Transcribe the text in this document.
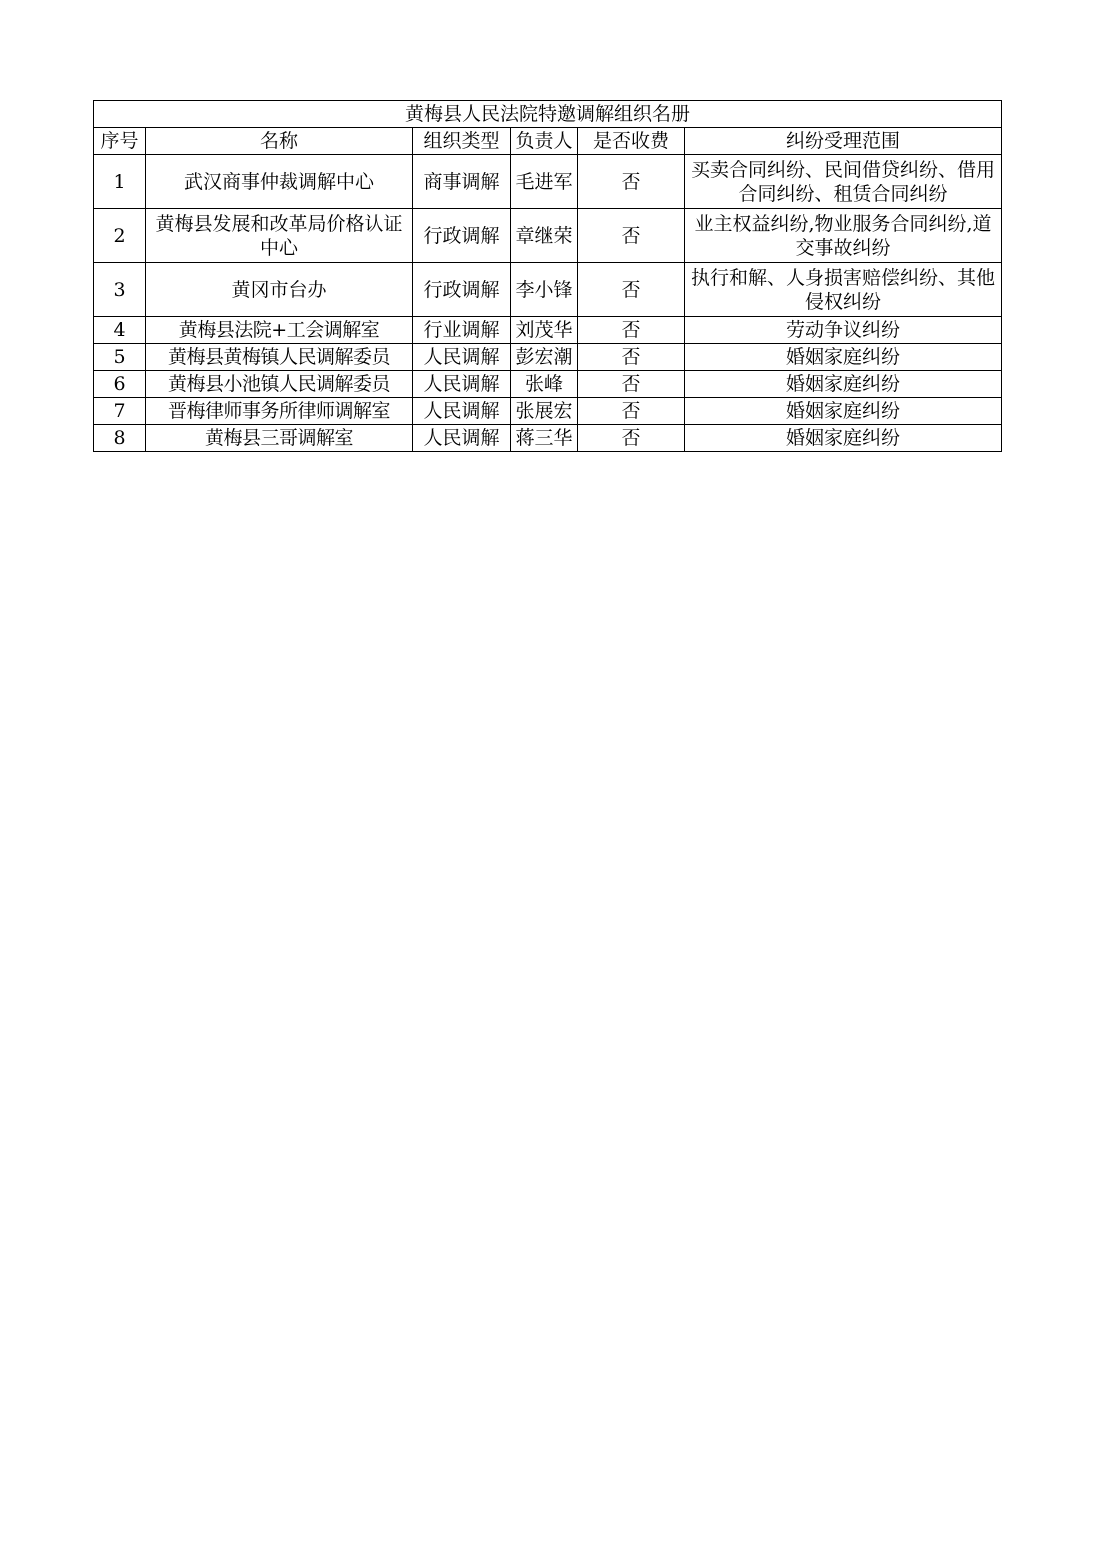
黄梅县人民法院特邀调解组织名册					
序号	名称	组织类型	负责人	是否收费	纠纷受理范围
1	武汉商事仲裁调解中心	商事调解	毛进军	否	买卖合同纠纷、民间借贷纠纷、借用合同纠纷、租赁合同纠纷
2	黄梅县发展和改革局价格认证中心	行政调解	章继荣	否	业主权益纠纷,物业服务合同纠纷,道交事故纠纷
3	黄冈市台办	行政调解	李小锋	否	执行和解、人身损害赔偿纠纷、其他侵权纠纷
4	黄梅县法院+工会调解室	行业调解	刘茂华	否	劳动争议纠纷
5	黄梅县黄梅镇人民调解委员	人民调解	彭宏潮	否	婚姻家庭纠纷
6	黄梅县小池镇人民调解委员	人民调解	张峰	否	婚姻家庭纠纷
7	晋梅律师事务所律师调解室	人民调解	张展宏	否	婚姻家庭纠纷
8	黄梅县三哥调解室	人民调解	蒋三华	否	婚姻家庭纠纷
